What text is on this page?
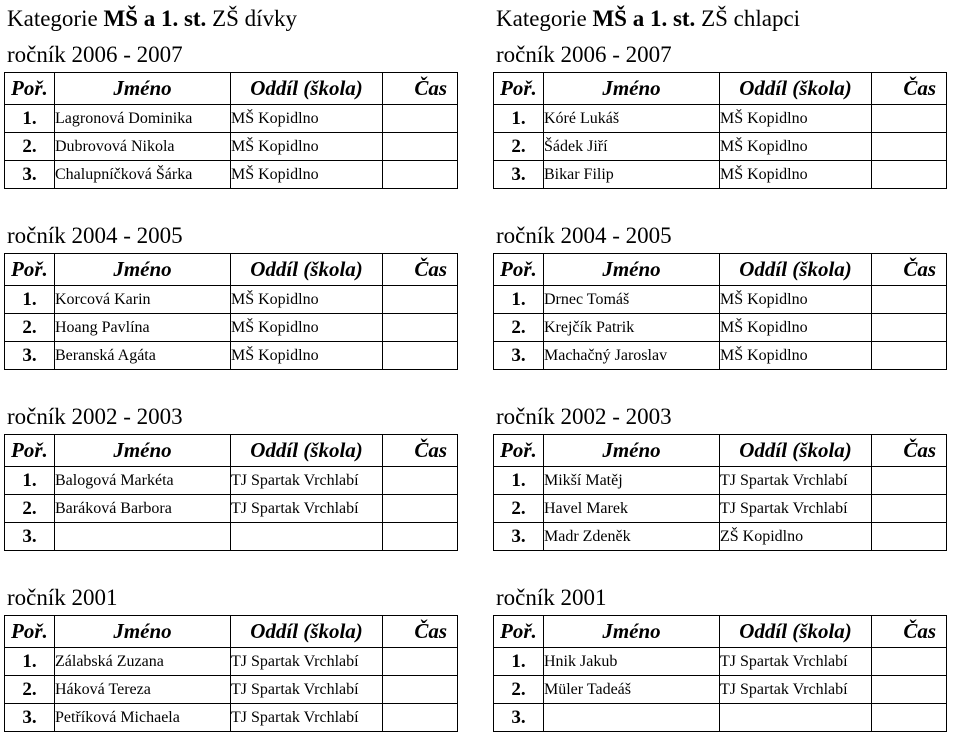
Kategorie MŠ a 1. st. ZŠ dívky
ročník 2006 - 2007
Poř.	Jméno	Oddíl (škola)	Čas
1.	Lagronová Dominika	MŠ Kopidlno	
2.	Dubrovová Nikola	MŠ Kopidlno	
3.	Chalupníčková Šárka	MŠ Kopidlno	
ročník 2004 - 2005
Poř.	Jméno	Oddíl (škola)	Čas
1.	Korcová Karin	MŠ Kopidlno	
2.	Hoang Pavlína	MŠ Kopidlno	
3.	Beranská Agáta	MŠ Kopidlno	
ročník 2002 - 2003
Poř.	Jméno	Oddíl (škola)	Čas
1.	Balogová Markéta	TJ Spartak Vrchlabí	
2.	Baráková Barbora	TJ Spartak Vrchlabí	
3.			
ročník 2001
Poř.	Jméno	Oddíl (škola)	Čas
1.	Zálabská Zuzana	TJ Spartak Vrchlabí	
2.	Háková Tereza	TJ Spartak Vrchlabí	
3.	Petříková Michaela	TJ Spartak Vrchlabí	
Kategorie MŠ a 1. st. ZŠ chlapci
ročník 2006 - 2007
Poř.	Jméno	Oddíl (škola)	Čas
1.	Kóré Lukáš	MŠ Kopidlno	
2.	Šádek Jiří	MŠ Kopidlno	
3.	Bikar Filip	MŠ Kopidlno	
ročník 2004 - 2005
Poř.	Jméno	Oddíl (škola)	Čas
1.	Drnec Tomáš	MŠ Kopidlno	
2.	Krejčík Patrik	MŠ Kopidlno	
3.	Machačný Jaroslav	MŠ Kopidlno	
ročník 2002 - 2003
Poř.	Jméno	Oddíl (škola)	Čas
1.	Mikší Matěj	TJ Spartak Vrchlabí	
2.	Havel Marek	TJ Spartak Vrchlabí	
3.	Madr Zdeněk	ZŠ Kopidlno	
ročník 2001
Poř.	Jméno	Oddíl (škola)	Čas
1.	Hnik Jakub	TJ Spartak Vrchlabí	
2.	Müler Tadeáš	TJ Spartak Vrchlabí	
3.			
